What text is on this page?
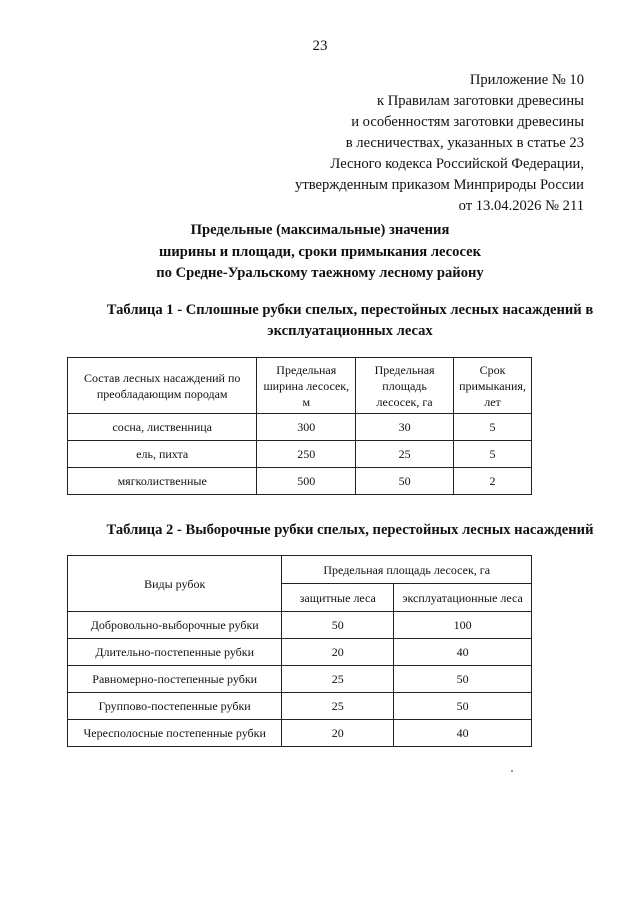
23
Приложение № 10
к Правилам заготовки древесины
и особенностям заготовки древесины
в лесничествах, указанных в статье 23
Лесного кодекса Российской Федерации,
утвержденным приказом Минприроды России
от 13.04.2026 № 211
Предельные (максимальные) значения
ширины и площади, сроки примыкания лесосек
по Средне-Уральскому таежному лесному району
Таблица 1 - Сплошные рубки спелых, перестойных лесных насаждений в
эксплуатационных лесах
Состав лесных насаждений по преобладающим породам	Предельная ширина лесосек, м	Предельная площадь лесосек, га	Срок примыкания, лет
сосна, лиственница	300	30	5
ель, пихта	250	25	5
мягколиственные	500	50	2
Таблица 2 - Выборочные рубки спелых, перестойных лесных насаждений
Виды рубок	Предельная площадь лесосек, га	
	защитные леса	эксплуатационные леса
Добровольно-выборочные рубки	50	100
Длительно-постепенные рубки	20	40
Равномерно-постепенные рубки	25	50
Группово-постепенные рубки	25	50
Чересполосные постепенные рубки	20	40
